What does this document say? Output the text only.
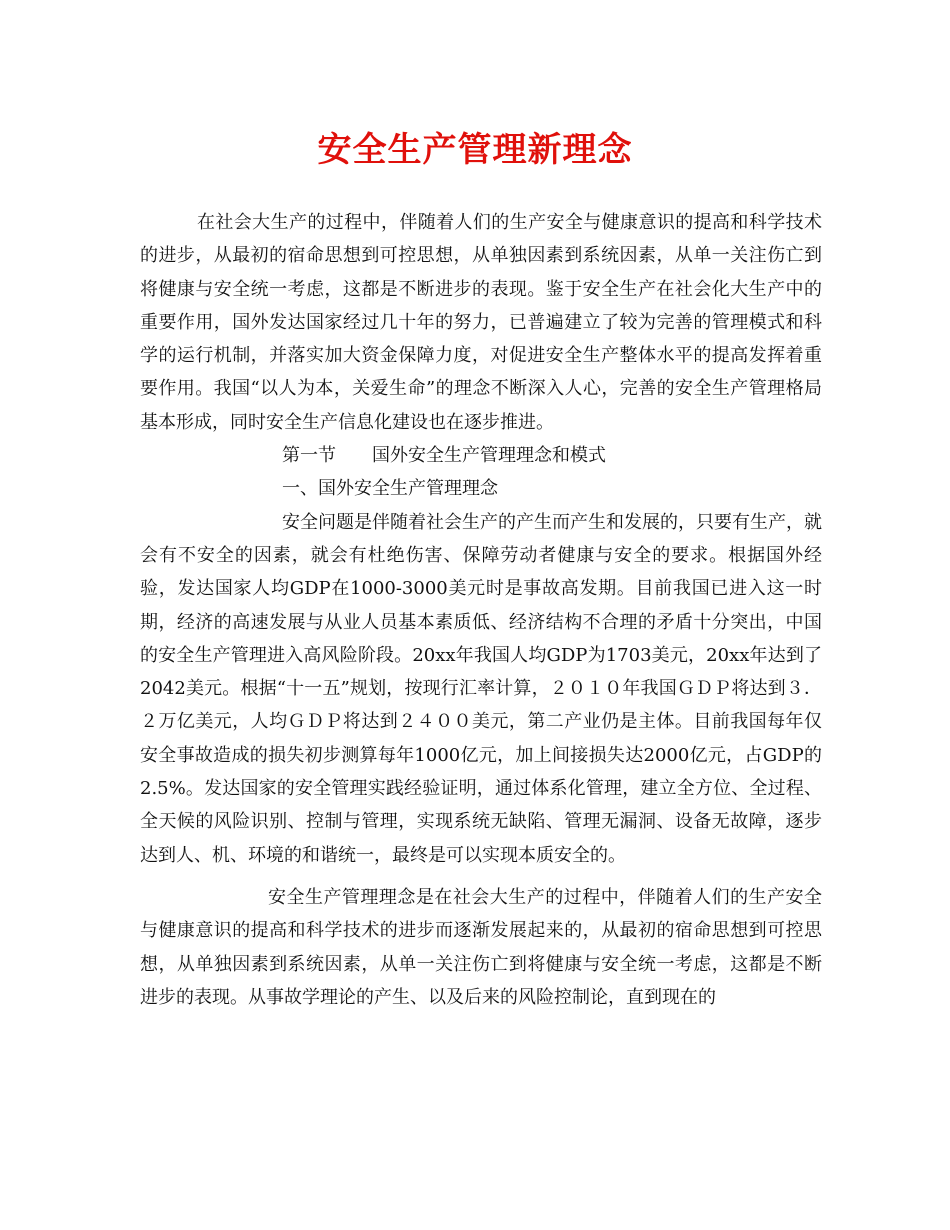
安全生产管理新理念

在社会大生产的过程中，伴随着人们的生产安全与健康意识的提高和科学技术的进步，从最初的宿命思想到可控思想，从单独因素到系统因素，从单一关注伤亡到将健康与安全统一考虑，这都是不断进步的表现。鉴于安全生产在社会化大生产中的重要作用，国外发达国家经过几十年的努力，已普遍建立了较为完善的管理模式和科学的运行机制，并落实加大资金保障力度，对促进安全生产整体水平的提高发挥着重要作用。我国“以人为本，关爱生命”的理念不断深入人心，完善的安全生产管理格局基本形成，同时安全生产信息化建设也在逐步推进。

第一节　　国外安全生产管理理念和模式

一、国外安全生产管理理念

安全问题是伴随着社会生产的产生而产生和发展的，只要有生产，就会有不安全的因素，就会有杜绝伤害、保障劳动者健康与安全的要求。根据国外经验，发达国家人均GDP在1000-3000美元时是事故高发期。目前我国已进入这一时期，经济的高速发展与从业人员基本素质低、经济结构不合理的矛盾十分突出，中国的安全生产管理进入高风险阶段。20xx年我国人均GDP为1703美元，20xx年达到了2042美元。根据“十一五”规划，按现行汇率计算，２０１０年我国ＧＤＰ将达到３．２万亿美元，人均ＧＤＰ将达到２４００美元，第二产业仍是主体。目前我国每年仅安全事故造成的损失初步测算每年1000亿元，加上间接损失达2000亿元，占GDP的2.5%。发达国家的安全管理实践经验证明，通过体系化管理，建立全方位、全过程、全天候的风险识别、控制与管理，实现系统无缺陷、管理无漏洞、设备无故障，逐步达到人、机、环境的和谐统一，最终是可以实现本质安全的。

安全生产管理理念是在社会大生产的过程中，伴随着人们的生产安全与健康意识的提高和科学技术的进步而逐渐发展起来的，从最初的宿命思想到可控思想，从单独因素到系统因素，从单一关注伤亡到将健康与安全统一考虑，这都是不断进步的表现。从事故学理论的产生、以及后来的风险控制论，直到现在的
